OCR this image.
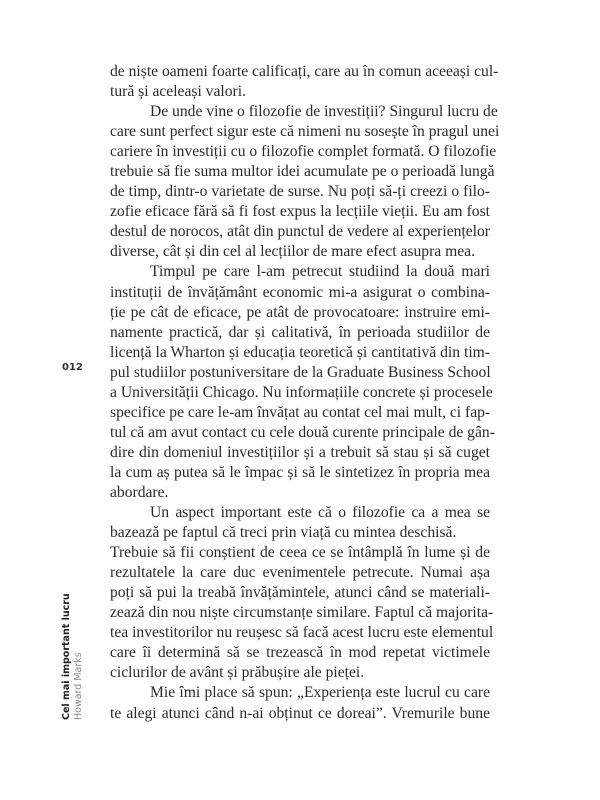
de niște oameni foarte calificați, care au în comun aceeași cul-
tură și aceleași valori.
De unde vine o filozofie de investiții? Singurul lucru de
care sunt perfect sigur este că nimeni nu sosește în pragul unei
cariere în investiții cu o filozofie complet formată. O filozofie
trebuie să fie suma multor idei acumulate pe o perioadă lungă
de timp, dintr-o varietate de surse. Nu poți să-ți creezi o filo-
zofie eficace fără să fi fost expus la lecțiile vieții. Eu am fost
destul de norocos, atât din punctul de vedere al experiențelor
diverse, cât și din cel al lecțiilor de mare efect asupra mea.
Timpul pe care l-am petrecut studiind la două mari
instituții de învățământ economic mi-a asigurat o combina-
ție pe cât de eficace, pe atât de provocatoare: instruire emi-
namente practică, dar și calitativă, în perioada studiilor de
licență la Wharton și educația teoretică și cantitativă din tim-
pul studiilor postuniversitare de la Graduate Business School
a Universității Chicago. Nu informațiile concrete și procesele
specifice pe care le-am învățat au contat cel mai mult, ci fap-
tul că am avut contact cu cele două curente principale de gân-
dire din domeniul investițiilor și a trebuit să stau și să cuget
la cum aș putea să le împac și să le sintetizez în propria mea
abordare.
Un aspect important este că o filozofie ca a mea se
bazează pe faptul că treci prin viață cu mintea deschisă.
Trebuie să fii conștient de ceea ce se întâmplă în lume și de
rezultatele la care duc evenimentele petrecute. Numai așa
poți să pui la treabă învățămintele, atunci când se materiali-
zează din nou niște circumstanțe similare. Faptul că majorita-
tea investitorilor nu reușesc să facă acest lucru este elementul
care îi determină să se trezească în mod repetat victimele
ciclurilor de avânt și prăbușire ale pieței.
Mie îmi place să spun: „Experiența este lucrul cu care
te alegi atunci când n-ai obținut ce doreai”. Vremurile bune
012
Cel mai important lucru Howard Marks
